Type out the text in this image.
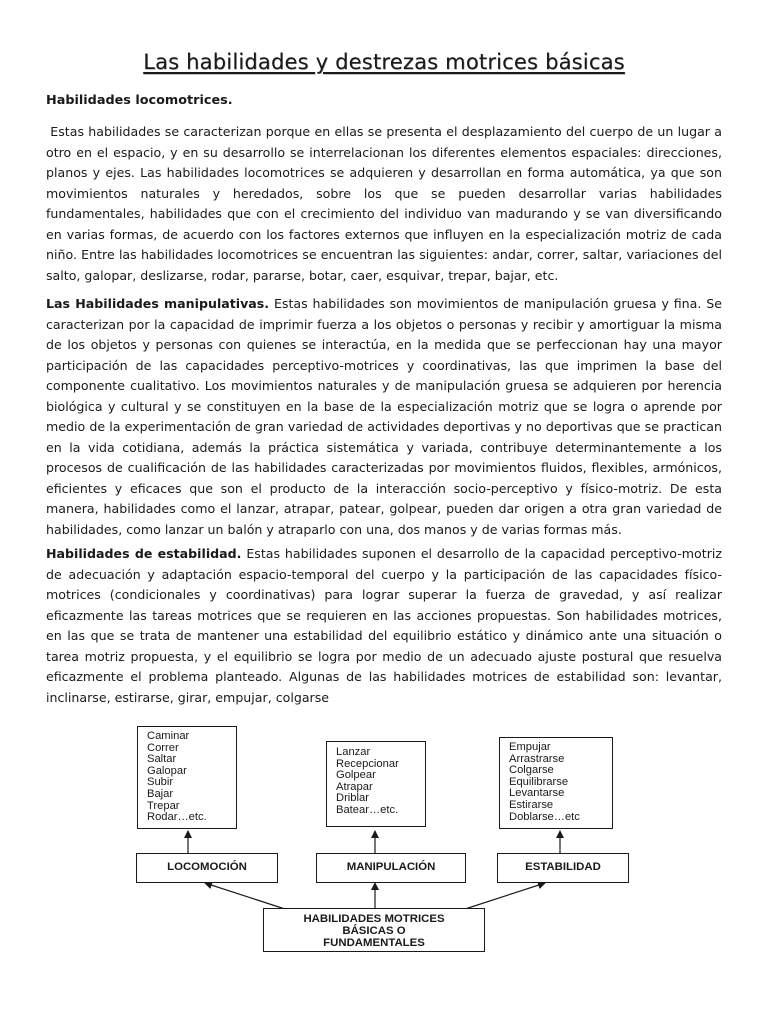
Las habilidades y destrezas motrices básicas

Habilidades locomotrices.

Estas habilidades se caracterizan porque en ellas se presenta el desplazamiento del cuerpo de un lugar a otro en el espacio, y en su desarrollo se interrelacionan los diferentes elementos espaciales: direcciones, planos y ejes. Las habilidades locomotrices se adquieren y desarrollan en forma automática, ya que son movimientos naturales y heredados, sobre los que se pueden desarrollar varias habilidades fundamentales, habilidades que con el crecimiento del individuo van madurando y se van diversificando en varias formas, de acuerdo con los factores externos que influyen en la especialización motriz de cada niño. Entre las habilidades locomotrices se encuentran las siguientes: andar, correr, saltar, variaciones del salto, galopar, deslizarse, rodar, pararse, botar, caer, esquivar, trepar, bajar, etc.

Las Habilidades manipulativas. Estas habilidades son movimientos de manipulación gruesa y fina. Se caracterizan por la capacidad de imprimir fuerza a los objetos o personas y recibir y amortiguar la misma de los objetos y personas con quienes se interactúa, en la medida que se perfeccionan hay una mayor participación de las capacidades perceptivo-motrices y coordinativas, las que imprimen la base del componente cualitativo. Los movimientos naturales y de manipulación gruesa se adquieren por herencia biológica y cultural y se constituyen en la base de la especialización motriz que se logra o aprende por medio de la experimentación de gran variedad de actividades deportivas y no deportivas que se practican en la vida cotidiana, además la práctica sistemática y variada, contribuye determinantemente a los procesos de cualificación de las habilidades caracterizadas por movimientos fluidos, flexibles, armónicos, eficientes y eficaces que son el producto de la interacción socio-perceptivo y físico-motriz. De esta manera, habilidades como el lanzar, atrapar, patear, golpear, pueden dar origen a otra gran variedad de habilidades, como lanzar un balón y atraparlo con una, dos manos y de varias formas más.

Habilidades de estabilidad. Estas habilidades suponen el desarrollo de la capacidad perceptivo-motriz de adecuación y adaptación espacio-temporal del cuerpo y la participación de las capacidades físico-motrices (condicionales y coordinativas) para lograr superar la fuerza de gravedad, y así realizar eficazmente las tareas motrices que se requieren en las acciones propuestas. Son habilidades motrices, en las que se trata de mantener una estabilidad del equilibrio estático y dinámico ante una situación o tarea motriz propuesta, y el equilibrio se logra por medio de un adecuado ajuste postural que resuelva eficazmente el problema planteado. Algunas de las habilidades motrices de estabilidad son: levantar, inclinarse, estirarse, girar, empujar, colgarse

Caminar
Correr
Saltar
Galopar
Subir
Bajar
Trepar
Rodar…etc.
Lanzar
Recepcionar
Golpear
Atrapar
Driblar
Batear…etc.
Empujar
Arrastrarse
Colgarse
Equilibrarse
Levantarse
Estirarse
Doblarse…etc
LOCOMOCIÓN	MANIPULACIÓN	ESTABILIDAD
HABILIDADES MOTRICES
BÁSICAS O
FUNDAMENTALES
